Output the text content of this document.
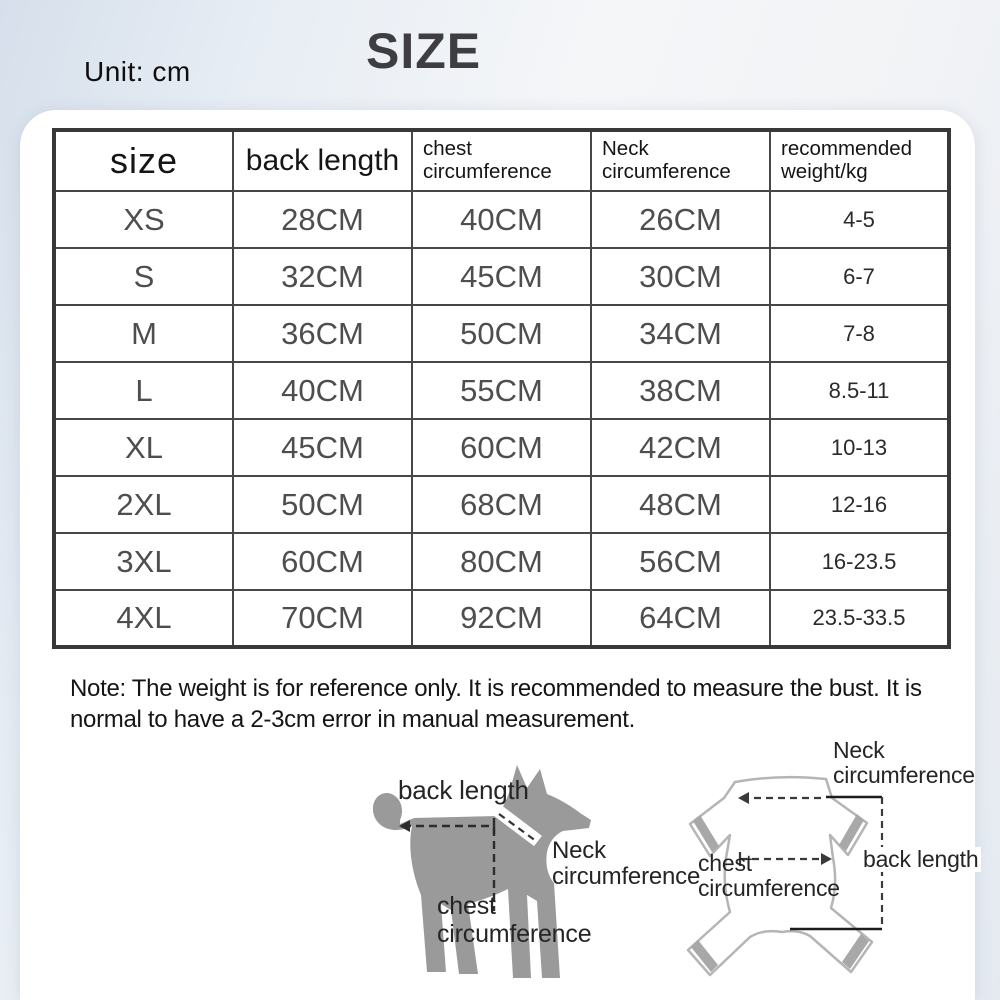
Unit: cm	SIZE
size	back length	chest circumference	Neck circumference	recommended weight/kg
XS	28CM	40CM	26CM	4-5
S	32CM	45CM	30CM	6-7
M	36CM	50CM	34CM	7-8
L	40CM	55CM	38CM	8.5-11
XL	45CM	60CM	42CM	10-13
2XL	50CM	68CM	48CM	12-16
3XL	60CM	80CM	56CM	16-23.5
4XL	70CM	92CM	64CM	23.5-33.5
Note: The weight is for reference only. It is recommended to measure the bust. It is
normal to have a 2-3cm error in manual measurement.
back length
Neck circumference
chest circumference
Neck circumference
chest circumference
back length
